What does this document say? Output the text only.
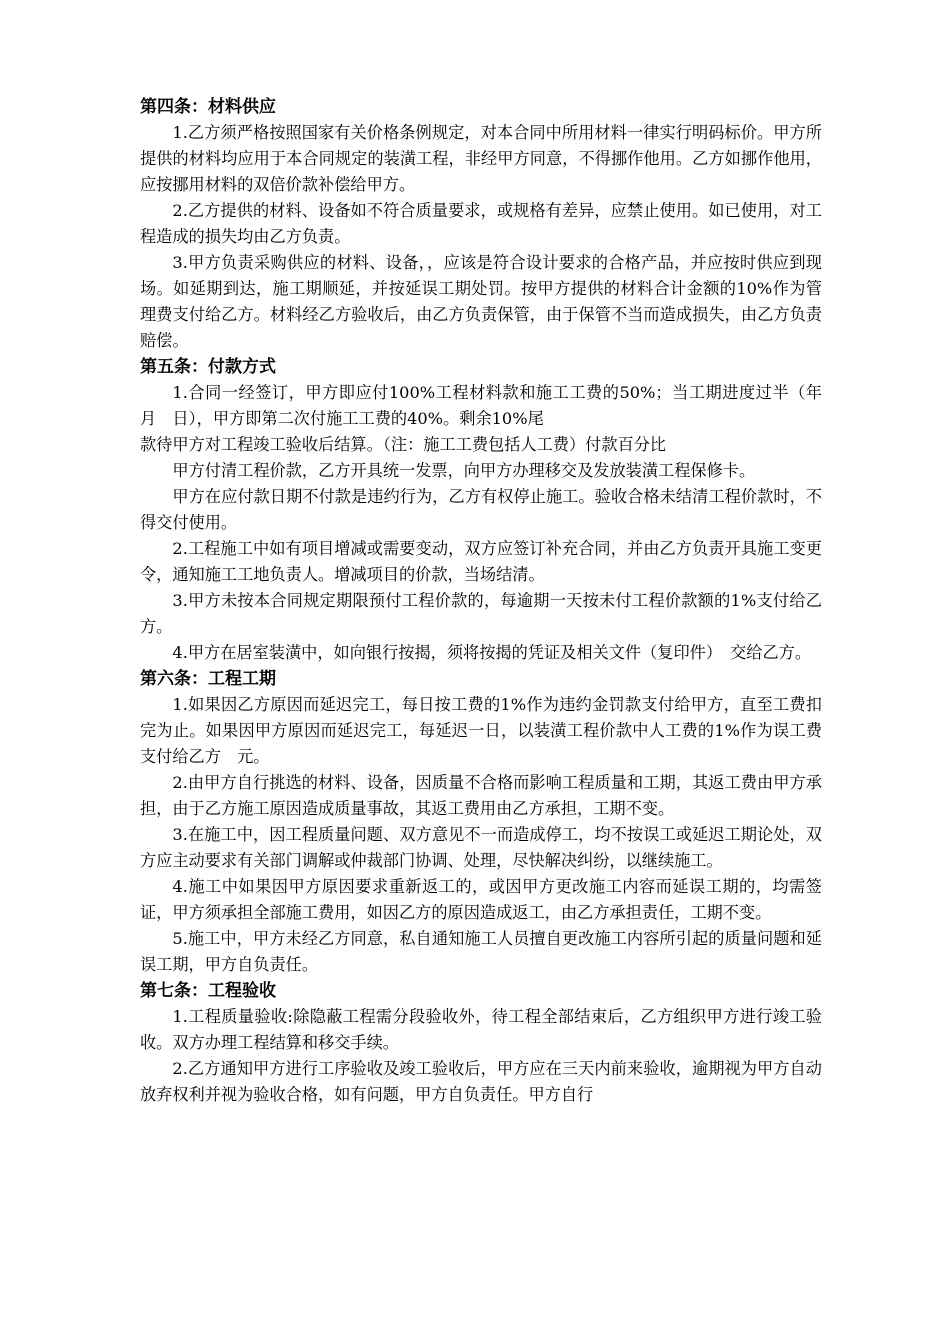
第四条：材料供应

1.乙方须严格按照国家有关价格条例规定，对本合同中所用材料一律实行明码标价。甲方所提供的材料均应用于本合同规定的装潢工程，非经甲方同意，不得挪作他用。乙方如挪作他用，应按挪用材料的双倍价款补偿给甲方。

2.乙方提供的材料、设备如不符合质量要求，或规格有差异，应禁止使用。如已使用，对工程造成的损失均由乙方负责。

3.甲方负责采购供应的材料、设备，，应该是符合设计要求的合格产品，并应按时供应到现场。如延期到达，施工期顺延，并按延误工期处罚。按甲方提供的材料合计金额的10%作为管理费支付给乙方。材料经乙方验收后，由乙方负责保管，由于保管不当而造成损失，由乙方负责赔偿。

第五条：付款方式

1.合同一经签订，甲方即应付100%工程材料款和施工工费的50%；当工期进度过半（年　月　日），甲方即第二次付施工工费的40%。剩余10%尾

款待甲方对工程竣工验收后结算。（注：施工工费包括人工费）付款百分比

甲方付清工程价款，乙方开具统一发票，向甲方办理移交及发放装潢工程保修卡。

甲方在应付款日期不付款是违约行为，乙方有权停止施工。验收合格未结清工程价款时，不得交付使用。

2.工程施工中如有项目增减或需要变动，双方应签订补充合同，并由乙方负责开具施工变更令，通知施工工地负责人。增减项目的价款，当场结清。

3.甲方未按本合同规定期限预付工程价款的，每逾期一天按未付工程价款额的1%支付给乙方。

4.甲方在居室装潢中，如向银行按揭，须将按揭的凭证及相关文件（复印件）　交给乙方。

第六条：工程工期

1.如果因乙方原因而延迟完工，每日按工费的1%作为违约金罚款支付给甲方，直至工费扣完为止。如果因甲方原因而延迟完工，每延迟一日，以装潢工程价款中人工费的1%作为误工费支付给乙方　元。

2.由甲方自行挑选的材料、设备，因质量不合格而影响工程质量和工期，其返工费由甲方承担，由于乙方施工原因造成质量事故，其返工费用由乙方承担，工期不变。

3.在施工中，因工程质量问题、双方意见不一而造成停工，均不按误工或延迟工期论处，双方应主动要求有关部门调解或仲裁部门协调、处理，尽快解决纠纷，以继续施工。

4.施工中如果因甲方原因要求重新返工的，或因甲方更改施工内容而延误工期的，均需签证，甲方须承担全部施工费用，如因乙方的原因造成返工，由乙方承担责任，工期不变。

5.施工中，甲方未经乙方同意，私自通知施工人员擅自更改施工内容所引起的质量问题和延误工期，甲方自负责任。

第七条：工程验收

1.工程质量验收:除隐蔽工程需分段验收外，待工程全部结束后，乙方组织甲方进行竣工验收。双方办理工程结算和移交手续。

2.乙方通知甲方进行工序验收及竣工验收后，甲方应在三天内前来验收，逾期视为甲方自动放弃权利并视为验收合格，如有问题，甲方自负责任。甲方自行
